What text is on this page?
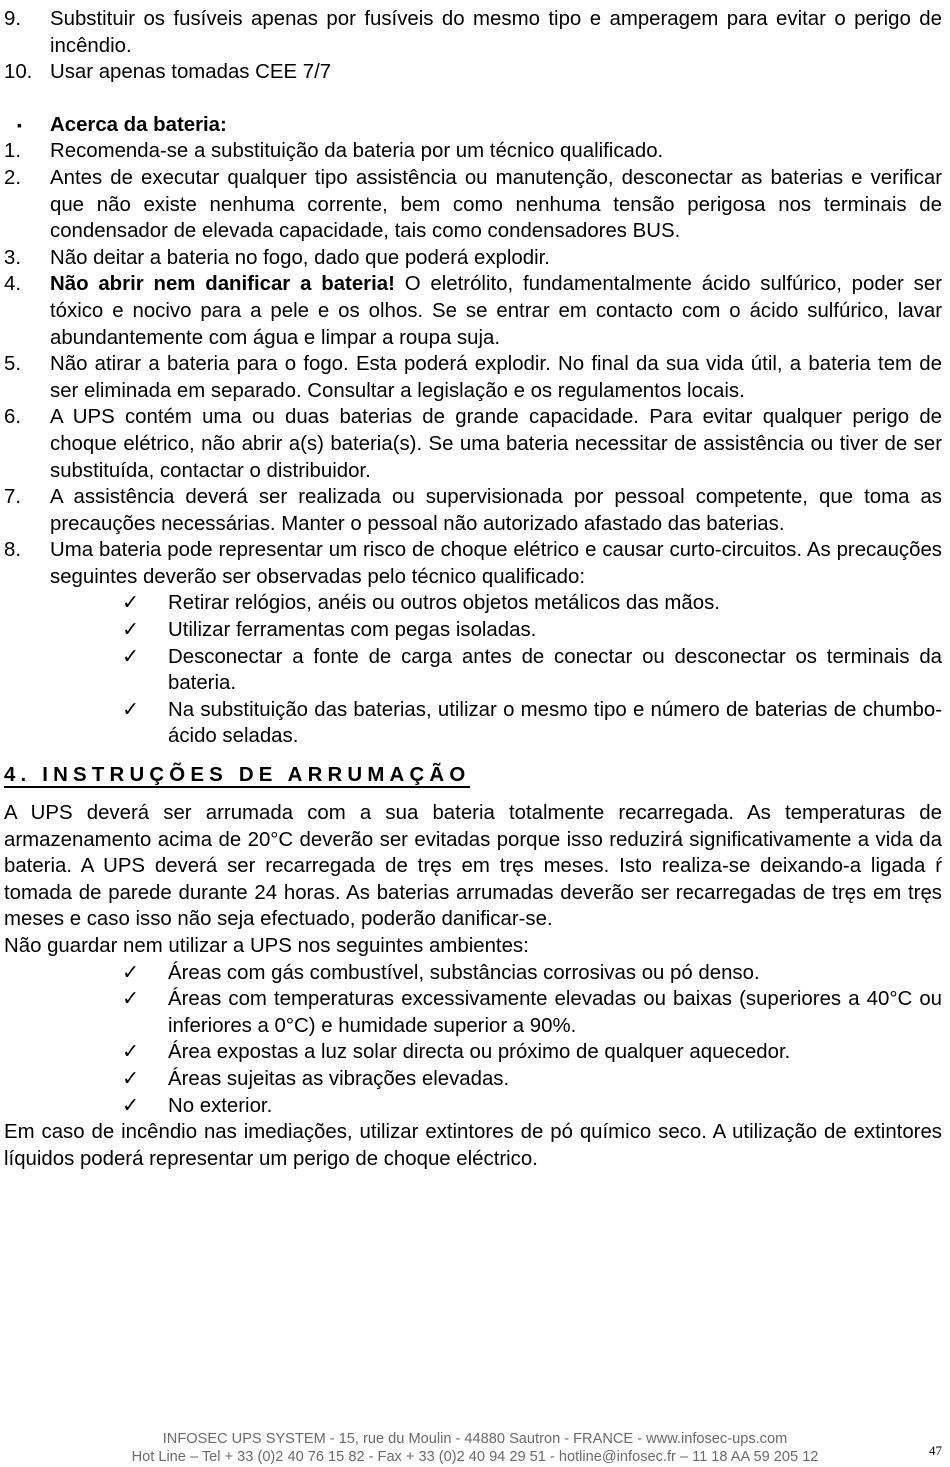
9.	Substituir os fusíveis apenas por fusíveis do mesmo tipo e amperagem para evitar o perigo de incêndio.
10. Usar apenas tomadas CEE 7/7
▪	Acerca da bateria:
1.	Recomenda-se a substituição da bateria por um técnico qualificado.
2.	Antes de executar qualquer tipo assistência ou manutenção, desconectar as baterias e verificar que não existe nenhuma corrente, bem como nenhuma tensão perigosa nos terminais de condensador de elevada capacidade, tais como condensadores BUS.
3.	Não deitar a bateria no fogo, dado que poderá explodir.
4.	Não abrir nem danificar a bateria! O eletrólito, fundamentalmente ácido sulfúrico, poder ser tóxico e nocivo para a pele e os olhos. Se se entrar em contacto com o ácido sulfúrico, lavar abundantemente com água e limpar a roupa suja.
5.	Não atirar a bateria para o fogo. Esta poderá explodir. No final da sua vida útil, a bateria tem de ser eliminada em separado. Consultar a legislação e os regulamentos locais.
6.	A UPS contém uma ou duas baterias de grande capacidade. Para evitar qualquer perigo de choque elétrico, não abrir a(s) bateria(s). Se uma bateria necessitar de assistência ou tiver de ser substituída, contactar o distribuidor.
7.	A assistência deverá ser realizada ou supervisionada por pessoal competente, que toma as precauções necessárias. Manter o pessoal não autorizado afastado das baterias.
8.	Uma bateria pode representar um risco de choque elétrico e causar curto-circuitos. As precauções seguintes deverão ser observadas pelo técnico qualificado:
✓	Retirar relógios, anéis ou outros objetos metálicos das mãos.
✓	Utilizar ferramentas com pegas isoladas.
✓	Desconectar a fonte de carga antes de conectar ou desconectar os terminais da bateria.
✓	Na substituição das baterias, utilizar o mesmo tipo e número de baterias de chumbo-ácido seladas.
4. INSTRUÇÕES DE ARRUMAÇÃO
A UPS deverá ser arrumada com a sua bateria totalmente recarregada. As temperaturas de armazenamento acima de 20°C deverão ser evitadas porque isso reduzirá significativamente a vida da bateria. A UPS deverá ser recarregada de tręs em tręs meses. Isto realiza-se deixando-a ligada ŕ tomada de parede durante 24 horas. As baterias arrumadas deverão ser recarregadas de tręs em tręs meses e caso isso não seja efectuado, poderão danificar-se.
Não guardar nem utilizar a UPS nos seguintes ambientes:
✓	Áreas com gás combustível, substâncias corrosivas ou pó denso.
✓	Áreas com temperaturas excessivamente elevadas ou baixas (superiores a 40°C ou inferiores a 0°C) e humidade superior a 90%.
✓	Área expostas a luz solar directa ou próximo de qualquer aquecedor.
✓	Áreas sujeitas as vibrações elevadas.
✓	No exterior.
Em caso de incêndio nas imediações, utilizar extintores de pó químico seco. A utilização de extintores líquidos poderá representar um perigo de choque eléctrico.
INFOSEC UPS SYSTEM - 15, rue du Moulin - 44880 Sautron - FRANCE - www.infosec-ups.com
Hot Line – Tel + 33 (0)2 40 76 15 82 - Fax + 33 (0)2 40 94 29 51 - hotline@infosec.fr – 11 18 AA 59 205 12	47
